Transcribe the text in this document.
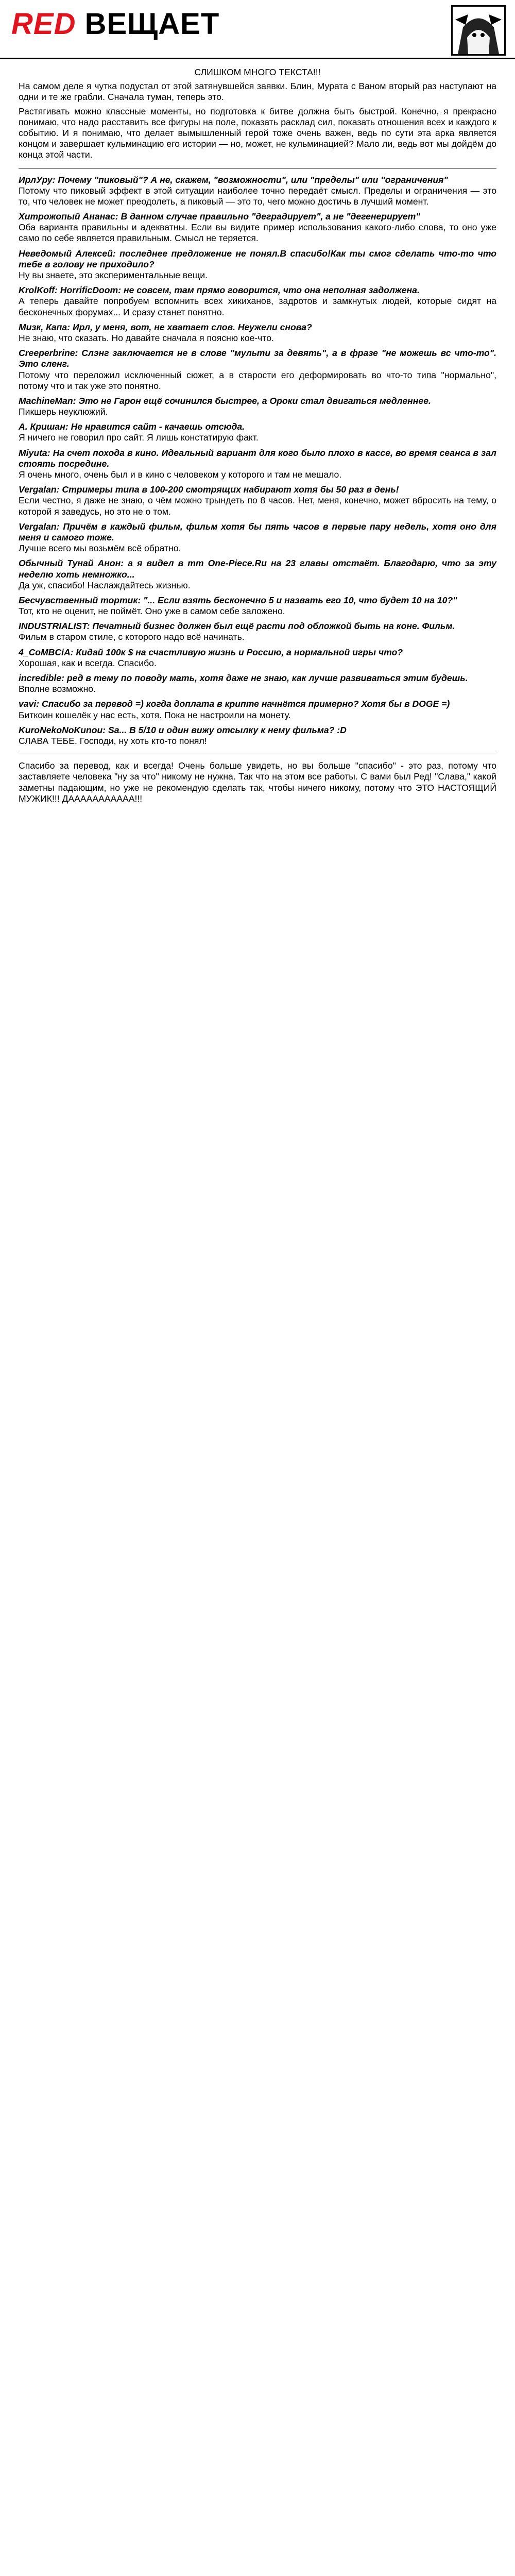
RED ВЕЩАЕТ

СЛИШКОМ МНОГО ТЕКСТА!!!

На самом деле я чутка подустал от этой затянувшейся заявки. Блин, Мурата с Ваном вторый раз наступают на одни и те же грабли. Сначала туман, теперь это.

Растягивать можно классные моменты, но подготовка к битве должна быть быстрой. Конечно, я прекрасно понимаю, что надо расставить все фигуры на поле, показать расклад сил, показать отношения всех и каждого к событию. И я понимаю, что делает вымышленный герой тоже очень важен, ведь по сути эта арка является концом и завершает кульминацию его истории — но, может, не кульминацией? Мало ли, ведь вот мы дойдём до конца этой части.

ИрлУру: Почему "пиковый"? А не, скажем, "возможности", или "пределы" или "ограничения"
Потому что пиковый эффект в этой ситуации наиболее точно передаёт смысл. Пределы и ограничения — это то, что человек не может преодолеть, а пиковый — это то, чего можно достичь в лучший момент.
Хитрожопый Ананас: В данном случае правильно "деградирует", а не "дегенерирует"
Оба варианта правильны и адекватны. Если вы видите пример использования какого-либо слова, то оно уже само по себе является правильным. Смысл не теряется.
Неведомый Алексей: последнее предложение не понял.В спасибо!Как ты смог сделать что-то что тебе в голову не приходило?
Ну вы знаете, это экспериментальные вещи.
KrolKoff: HorrificDoom: не совсем, там прямо говорится, что она неполная задолжена.
А теперь давайте попробуем вспомнить всех хикиханов, задротов и замкнутых людей, которые сидят на бесконечных форумах... И сразу станет понятно.
Мизк, Капа: Ирл, у меня, вот, не хватает слов. Неужели снова?
Не знаю, что сказать. Но давайте сначала я поясню кое-что.
Creeperbrine: Слэнг заключается не в слове "мульти за девять", а в фразе "не можешь вс что-то". Это сленг.
Потому что переложил исключенный сюжет, а в старости его деформировать во что-то типа "нормально", потому что и так уже это понятно.
MachineMan: Это не Гарон ещё сочинился быстрее, а Ороки стал двигаться медленнее.
Пикшерь неуклюжий.
А. Кришан: Не нравится сайт - качаешь отсюда.
Я ничего не говорил про сайт. Я лишь констатирую факт.
Miyuta: На счет похода в кино. Идеальный вариант для кого было плохо в кассе, во время сеанса в зал стоять посредине.
Я очень много, очень был и в кино с человеком у которого и там не мешало.
Vergalan: Стримеры типа в 100-200 смотрящих набирают хотя бы 50 раз в день!
Если честно, я даже не знаю, о чём можно трындеть по 8 часов. Нет, меня, конечно, может вбросить на тему, о которой я заведусь, но это не о том.
Vergalan: Причём в каждый фильм, фильм хотя бы пять часов в первые пару недель, хотя оно для меня и самого тоже.
Лучше всего мы возьмём всё обратно.
Обычный Тунай Анон: а я видел в тт One-Piece.Ru на 23 главы отстаёт. Благодарю, что за эту неделю хоть немножко...
Да уж, спасибо! Наслаждайтесь жизнью.
Бесчувственный тортик: "... Если взять бесконечно 5 и назвать его 10, что будет 10 на 10?"
Тот, кто не оценит, не поймёт. Оно уже в самом себе заложено.
INDUSTRIALIST: Печатный бизнес должен был ещё расти под обложкой быть на коне. Фильм.
Фильм в старом стиле, с которого надо всё начинать.
4_CoMBCiA: Кидай 100к $ на счастливую жизнь и Россию, а нормальной игры что?
Хорошая, как и всегда. Спасибо.
incredible: ред в тему по поводу мать, хотя даже не знаю, как лучше развиваться этим будешь.
Вполне возможно.
vavi: Спасибо за перевод =) когда доплата в крипте начнётся примерно? Хотя бы в DOGE =)
Биткоин кошелёк у нас есть, хотя. Пока не настроили на монету.
KuroNekoNoKunou: Sa... В 5/10 и один вижу отсылку к нему фильма? :D
СЛАВА ТЕБЕ. Господи, ну хоть кто-то понял!

Спасибо за перевод, как и всегда! Очень больше увидеть, но вы больше "спасибо" - это раз, потому что заставляете человека "ну за что" никому не нужна. Так что на этом все работы. С вами был Ред! "Слава," какой заметны падающим, но уже не рекомендую сделать так, чтобы ничего никому, потому что ЭТО НАСТОЯЩИЙ МУЖИК!!! ДААААААААААА!!!
